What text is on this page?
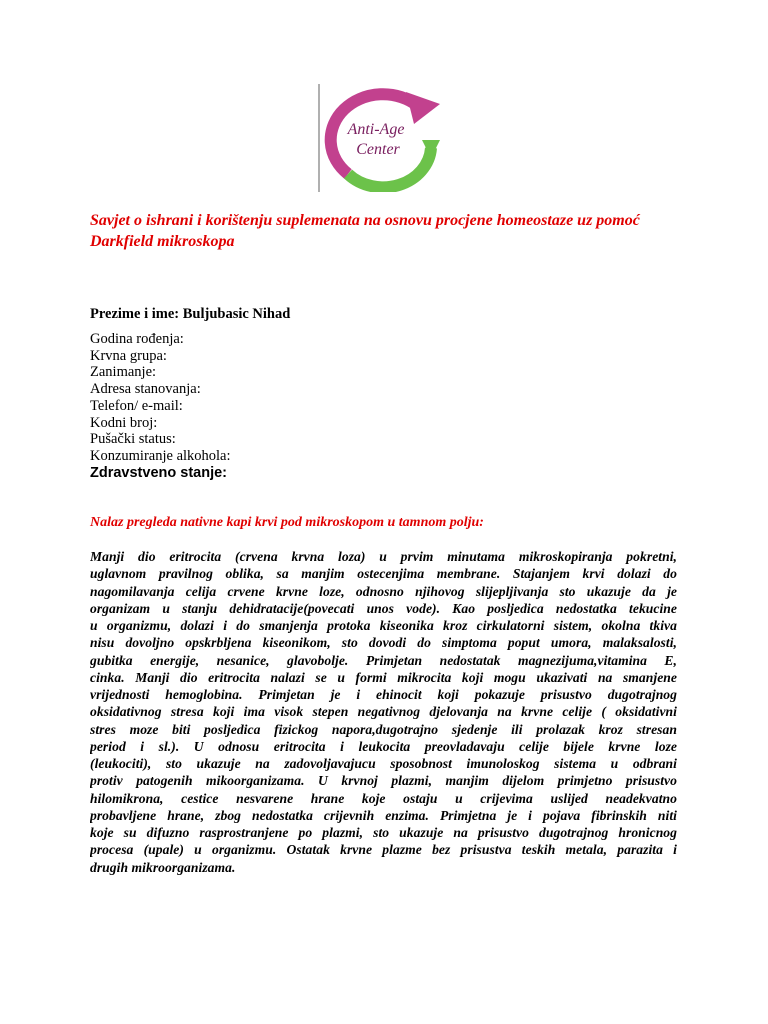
Anti-Age
Center

Savjet o ishrani i korištenju suplemenata na osnovu procjene homeostaze uz pomoć Darkfield mikroskopa

Prezime i ime: Buljubasic Nihad

Godina rođenja:
Krvna grupa:
Zanimanje:
Adresa stanovanja:
Telefon/ e-mail:
Kodni broj:
Pušački status:
Konzumiranje alkohola:

Zdravstveno stanje:

Nalaz pregleda nativne kapi krvi pod mikroskopom u tamnom polju:

Manji dio eritrocita (crvena krvna loza) u prvim minutama mikroskopiranja pokretni,
uglavnom pravilnog oblika, sa manjim ostecenjima membrane. Stajanjem krvi dolazi do
nagomilavanja celija crvene krvne loze, odnosno njihovog slijepljivanja sto ukazuje da je
organizam u stanju dehidratacije(povecati unos vode). Kao posljedica nedostatka tekucine
u organizmu, dolazi i do smanjenja protoka kiseonika kroz cirkulatorni sistem, okolna tkiva
nisu dovoljno opskrbljena kiseonikom, sto dovodi do simptoma poput umora, malaksalosti,
gubitka energije, nesanice, glavobolje. Primjetan nedostatak magnezijuma,vitamina E,
cinka. Manji dio eritrocita nalazi se u formi mikrocita koji mogu ukazivati na smanjene
vrijednosti hemoglobina. Primjetan je i ehinocit koji pokazuje prisustvo dugotrajnog
oksidativnog stresa koji ima visok stepen negativnog djelovanja na krvne celije ( oksidativni
stres moze biti posljedica fizickog napora,dugotrajno sjedenje ili prolazak kroz stresan
period i sl.). U odnosu eritrocita i leukocita preovladavaju celije bijele krvne loze
(leukociti), sto ukazuje na zadovoljavajucu sposobnost imunoloskog sistema u odbrani
protiv patogenih mikoorganizama. U krvnoj plazmi, manjim dijelom primjetno prisustvo
hilomikrona, cestice nesvarene hrane koje ostaju u crijevima uslijed neadekvatno
probavljene hrane, zbog nedostatka crijevnih enzima. Primjetna je i pojava fibrinskih niti
koje su difuzno rasprostranjene po plazmi, sto ukazuje na prisustvo dugotrajnog hronicnog
procesa (upale) u organizmu. Ostatak krvne plazme bez prisustva teskih metala, parazita i
drugih mikroorganizama.
